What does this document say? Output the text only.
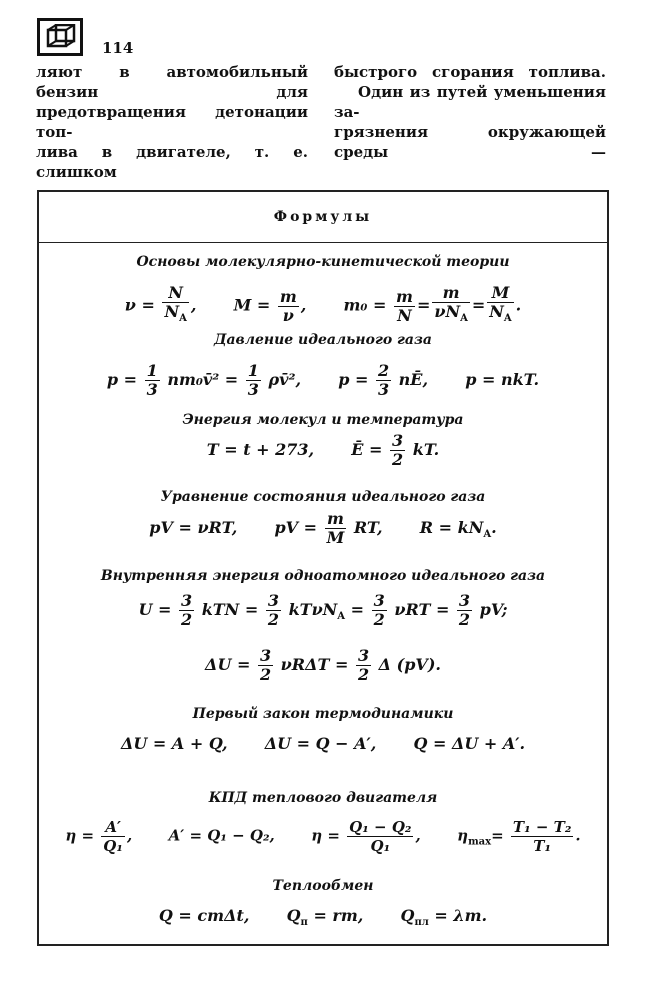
114

ляют в автомобильный бензин для

предотвращения детонации топ-

лива в двигателе, т. е. слишком

быстрого сгорания топлива.

Один из путей уменьшения за-

грязнения окружающей среды —

Формулы
Основы молекулярно-кинетической теории
$\nu = \frac{N}{N_A}$ , $M = \frac{m}{\nu}$ , $m_0 = \frac{m}{N} = \frac{m}{\nu N_A} = \frac{M}{N_A}$ .
Давление идеального газа
$p = \frac{1}{3}$ nm₀v̄² = $\frac{1}{3}$ ρv̄², $p = \frac{2}{3}$ nĒ, p = nkT.
Энергия молекул и температура
T = t + 273, Ē = $\frac{3}{2}$ kT.
Уравнение состояния идеального газа
pV = νRT, pV = $\frac{m}{M}$ RT, $R = kN_A$.
Внутренняя энергия одноатомного идеального газа
$U = \frac{3}{2}$ kTN = $\frac{3}{2} kT\nu N_A = \frac{3}{2}$ $\nu RT = \frac{3}{2}$ pV;
$\Delta U = \frac{3}{2}$ $\nu R\Delta T = \frac{3}{2}$ Δ (pV).
Первый закон термодинамики
ΔU = A + Q, ΔU = Q − A′, Q = ΔU + A′.
КПД теплового двигателя
$\eta = \frac{A'}{\text{Q₁}}$ , A′ = Q₁ − Q₂, $\eta = \frac{\text{Q₁ − Q₂}}{\text{Q₁}}$ , $\eta_{max}= \frac{\text{T₁ − T₂}}{\text{T₁}}$ .
Теплообмен
Q = cmΔt, $Q_п$ = rm, $Q_{пл} = \lambda m$.
